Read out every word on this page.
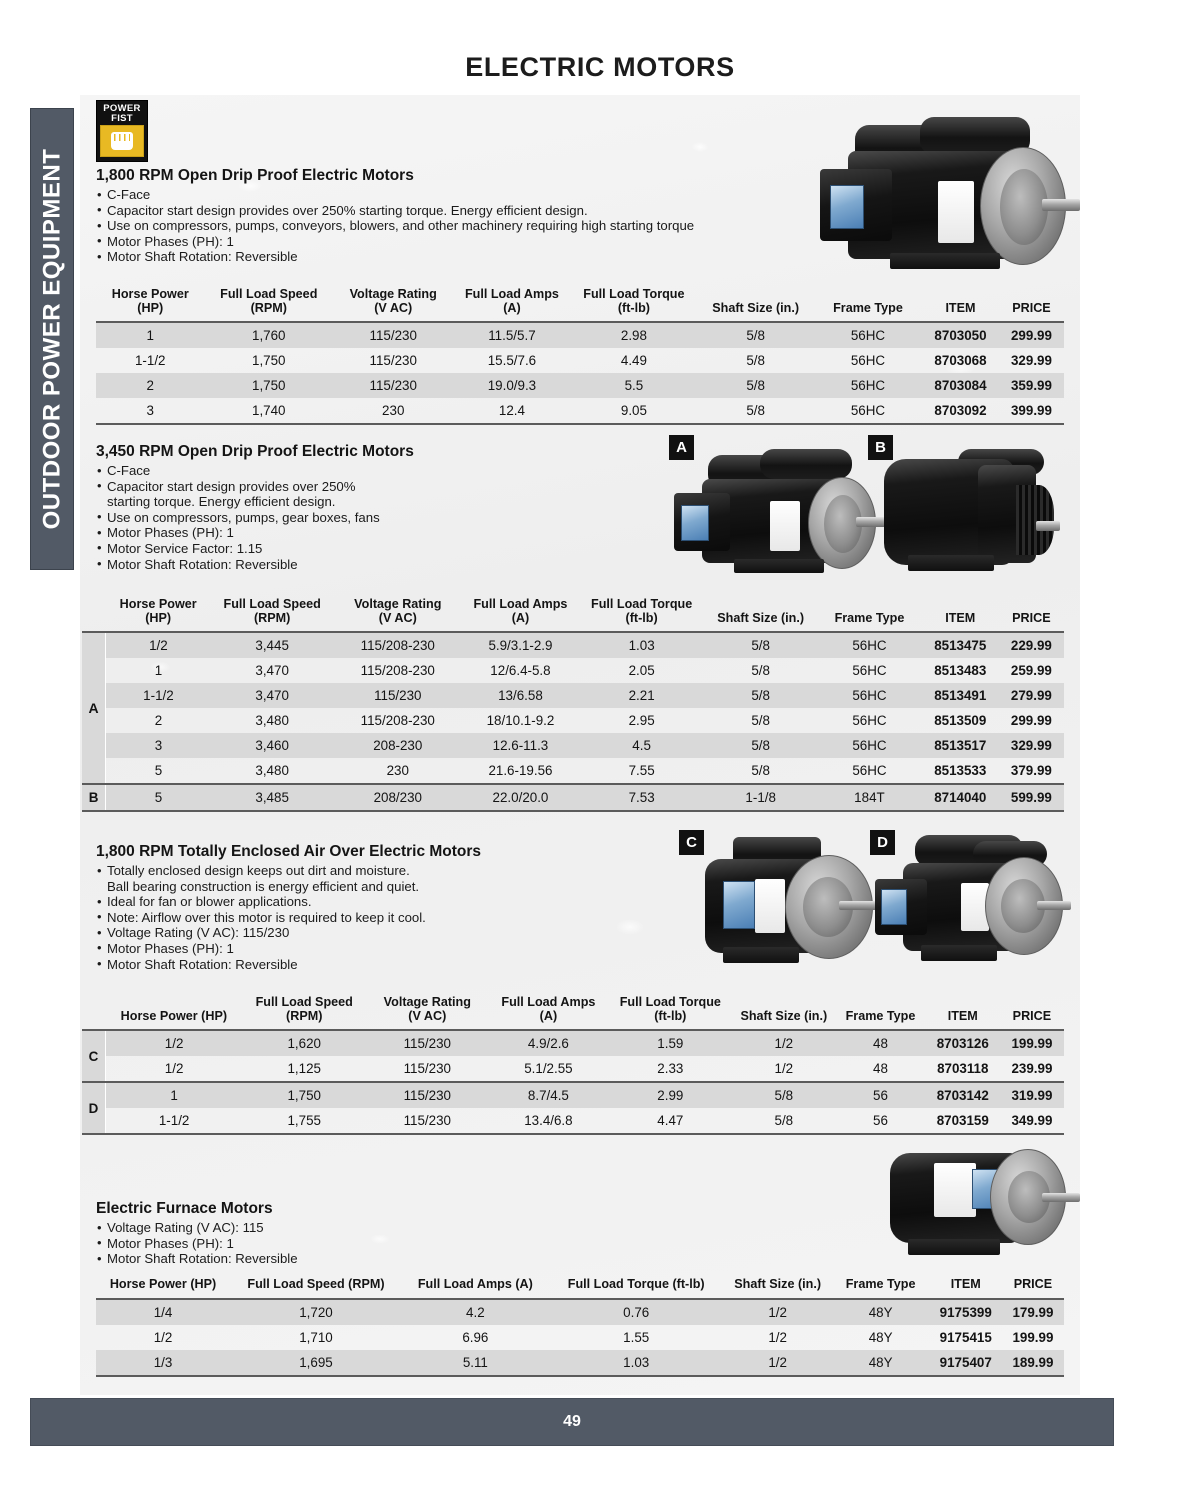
ELECTRIC MOTORS
OUTDOOR POWER EQUIPMENT
POWER
FIST
1,800 RPM Open Drip Proof Electric Motors
• C-Face
• Capacitor start design provides over 250% starting torque. Energy efficient design.
• Use on compressors, pumps, conveyors, blowers, and other machinery requiring high starting torque
• Motor Phases (PH): 1
• Motor Shaft Rotation: Reversible
Horse Power
(HP)	Full Load Speed
(RPM)	Voltage Rating
(V AC)	Full Load Amps
(A)	Full Load Torque
(ft-lb)	Shaft Size (in.)	Frame Type	ITEM	PRICE
1	1,760	115/230	11.5/5.7	2.98	5/8	56HC	8703050	299.99
1-1/2	1,750	115/230	15.5/7.6	4.49	5/8	56HC	8703068	329.99
2	1,750	115/230	19.0/9.3	5.5	5/8	56HC	8703084	359.99
3	1,740	230	12.4	9.05	5/8	56HC	8703092	399.99
3,450 RPM Open Drip Proof Electric Motors
• C-Face
• Capacitor start design provides over 250%
starting torque. Energy efficient design.
• Use on compressors, pumps, gear boxes, fans
• Motor Phases (PH): 1
• Motor Service Factor: 1.15
• Motor Shaft Rotation: Reversible
A	B
	Horse Power
(HP)	Full Load Speed
(RPM)	Voltage Rating
(V AC)	Full Load Amps
(A)	Full Load Torque
(ft-lb)	Shaft Size (in.)	Frame Type	ITEM	PRICE
A	1/2	3,445	115/208-230	5.9/3.1-2.9	1.03	5/8	56HC	8513475	229.99
	1	3,470	115/208-230	12/6.4-5.8	2.05	5/8	56HC	8513483	259.99
	1-1/2	3,470	115/230	13/6.58	2.21	5/8	56HC	8513491	279.99
	2	3,480	115/208-230	18/10.1-9.2	2.95	5/8	56HC	8513509	299.99
	3	3,460	208-230	12.6-11.3	4.5	5/8	56HC	8513517	329.99
	5	3,480	230	21.6-19.56	7.55	5/8	56HC	8513533	379.99
B	5	3,485	208/230	22.0/20.0	7.53	1-1/8	184T	8714040	599.99
1,800 RPM Totally Enclosed Air Over Electric Motors
• Totally enclosed design keeps out dirt and moisture.
Ball bearing construction is energy efficient and quiet.
• Ideal for fan or blower applications.
• Note: Airflow over this motor is required to keep it cool.
• Voltage Rating (V AC): 115/230
• Motor Phases (PH): 1
• Motor Shaft Rotation: Reversible
C	D
	Horse Power (HP)	Full Load Speed
(RPM)	Voltage Rating
(V AC)	Full Load Amps
(A)	Full Load Torque
(ft-lb)	Shaft Size (in.)	Frame Type	ITEM	PRICE
C	1/2	1,620	115/230	4.9/2.6	1.59	1/2	48	8703126	199.99
	1/2	1,125	115/230	5.1/2.55	2.33	1/2	48	8703118	239.99
D	1	1,750	115/230	8.7/4.5	2.99	5/8	56	8703142	319.99
	1-1/2	1,755	115/230	13.4/6.8	4.47	5/8	56	8703159	349.99
Electric Furnace Motors
• Voltage Rating (V AC): 115
• Motor Phases (PH): 1
• Motor Shaft Rotation: Reversible
Horse Power (HP)	Full Load Speed (RPM)	Full Load Amps (A)	Full Load Torque (ft-lb)	Shaft Size (in.)	Frame Type	ITEM	PRICE
1/4	1,720	4.2	0.76	1/2	48Y	9175399	179.99
1/2	1,710	6.96	1.55	1/2	48Y	9175415	199.99
1/3	1,695	5.11	1.03	1/2	48Y	9175407	189.99
49
